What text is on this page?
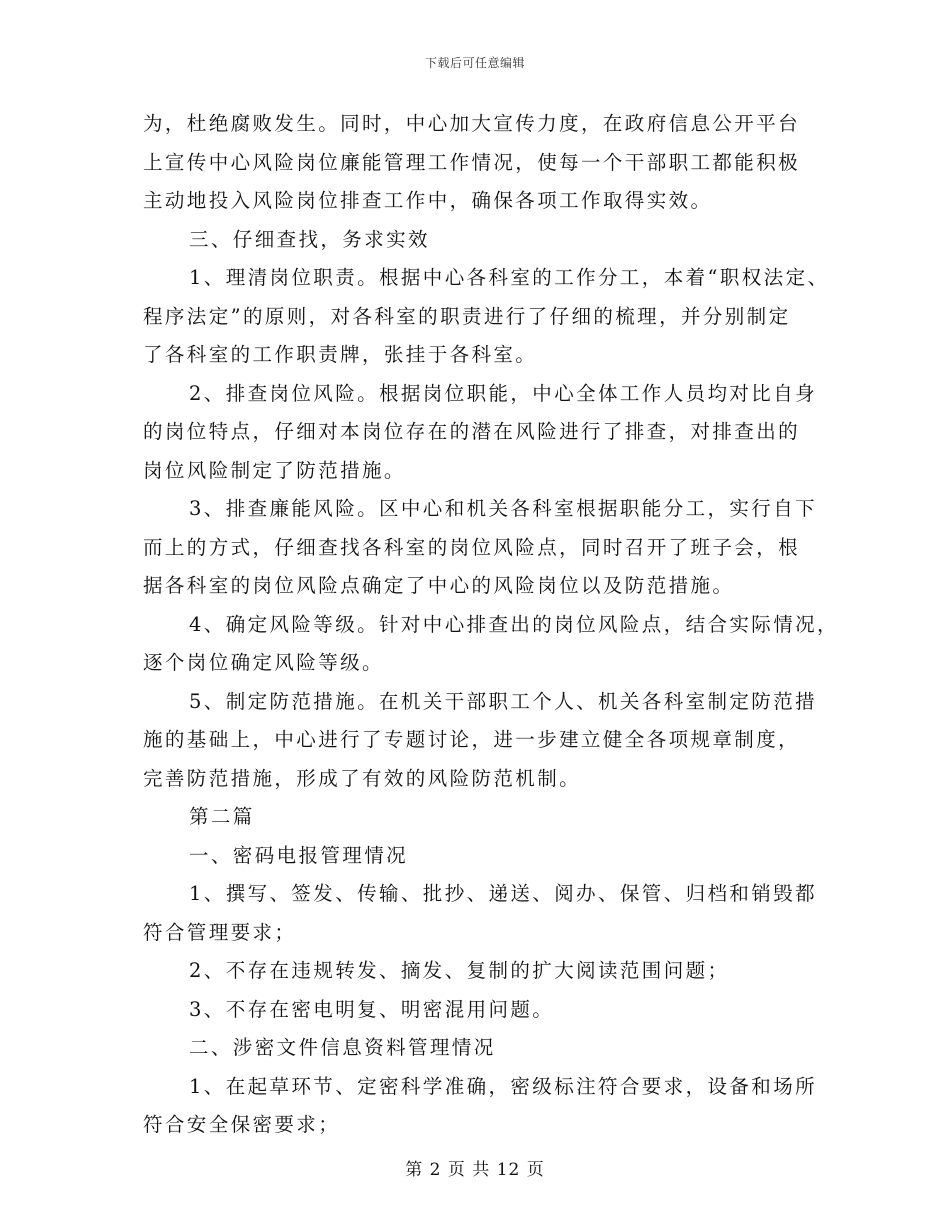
下载后可任意编辑
为，杜绝腐败发生。同时，中心加大宣传力度，在政府信息公开平台
上宣传中心风险岗位廉能管理工作情况，使每一个干部职工都能积极
主动地投入风险岗位排查工作中，确保各项工作取得实效。
三、仔细查找，务求实效
1、理清岗位职责。根据中心各科室的工作分工，本着“职权法定、
程序法定”的原则，对各科室的职责进行了仔细的梳理，并分别制定
了各科室的工作职责牌，张挂于各科室。
2、排查岗位风险。根据岗位职能，中心全体工作人员均对比自身
的岗位特点，仔细对本岗位存在的潜在风险进行了排查，对排查出的
岗位风险制定了防范措施。
3、排查廉能风险。区中心和机关各科室根据职能分工，实行自下
而上的方式，仔细查找各科室的岗位风险点，同时召开了班子会，根
据各科室的岗位风险点确定了中心的风险岗位以及防范措施。
4、确定风险等级。针对中心排查出的岗位风险点，结合实际情况，
逐个岗位确定风险等级。
5、制定防范措施。在机关干部职工个人、机关各科室制定防范措
施的基础上，中心进行了专题讨论，进一步建立健全各项规章制度，
完善防范措施，形成了有效的风险防范机制。
第二篇
一、密码电报管理情况
1、撰写、签发、传输、批抄、递送、阅办、保管、归档和销毁都
符合管理要求；
2、不存在违规转发、摘发、复制的扩大阅读范围问题；
3、不存在密电明复、明密混用问题。
二、涉密文件信息资料管理情况
1、在起草环节、定密科学准确，密级标注符合要求，设备和场所
符合安全保密要求；
第 2 页 共 12 页
